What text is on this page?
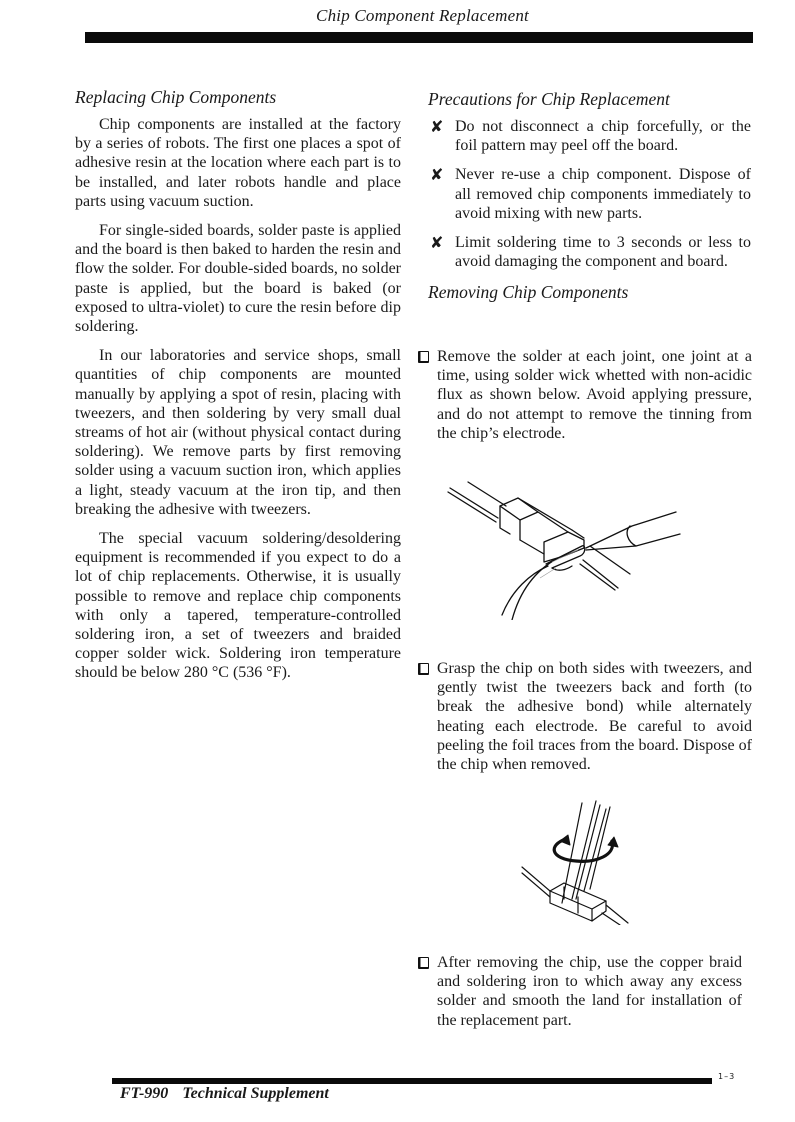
Chip Component Replacement
Replacing Chip Components

Chip components are installed at the factory by a series of robots. The first one places a spot of adhesive resin at the location where each part is to be installed, and later robots handle and place parts using vacuum suction.

For single-sided boards, solder paste is applied and the board is then baked to harden the resin and flow the solder. For double-sided boards, no solder paste is applied, but the board is baked (or exposed to ultra-violet) to cure the resin before dip soldering.

In our laboratories and service shops, small quantities of chip components are mounted manually by applying a spot of resin, placing with tweezers, and then soldering by very small dual streams of hot air (without physical contact during soldering). We remove parts by first removing solder using a vacuum suction iron, which applies a light, steady vacuum at the iron tip, and then breaking the adhesive with tweezers.

The special vacuum soldering/desoldering equipment is recommended if you expect to do a lot of chip replacements. Otherwise, it is usually possible to remove and replace chip components with only a tapered, temperature-controlled soldering iron, a set of tweezers and braided copper solder wick. Soldering iron temperature should be below 280 °C (536 °F).

Precautions for Chip Replacement
✘ Do not disconnect a chip forcefully, or the foil pattern may peel off the board.
✘ Never re-use a chip component. Dispose of all removed chip components immediately to avoid mixing with new parts.
✘ Limit soldering time to 3 seconds or less to avoid damaging the component and board.
Removing Chip Components
Remove the solder at each joint, one joint at a time, using solder wick whetted with non-acidic flux as shown below. Avoid applying pressure, and do not attempt to remove the tinning from the chip’s electrode.
Grasp the chip on both sides with tweezers, and gently twist the tweezers back and forth (to break the adhesive bond) while alternately heating each electrode. Be careful to avoid peeling the foil traces from the board. Dispose of the chip when removed.
After removing the chip, use the copper braid and soldering iron to which away any excess solder and smooth the land for installation of the replacement part.
1–3
FT-990 Technical Supplement
